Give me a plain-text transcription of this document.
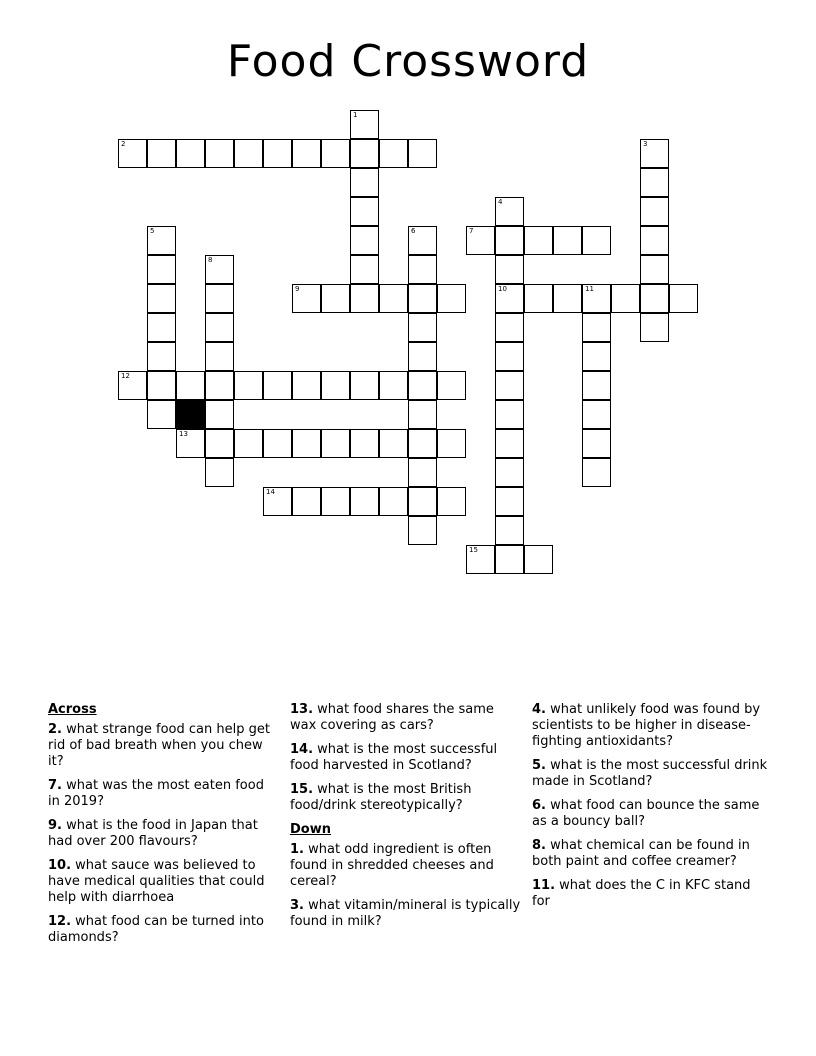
Food Crossword
2
1
3
4
10
5
8
6	7
9	11
12
13
14
15
Across
2. what strange food can help get rid of bad breath when you chew it?
7. what was the most eaten food in 2019?
9. what is the food in Japan that had over 200 flavours?
10. what sauce was believed to have medical qualities that could help with diarrhoea
12. what food can be turned into diamonds?
13. what food shares the same wax covering as cars?
14. what is the most successful food harvested in Scotland?
15. what is the most British food/drink stereotypically?
Down
1. what odd ingredient is often found in shredded cheeses and cereal?
3. what vitamin/mineral is typically found in milk?
4. what unlikely food was found by scientists to be higher in disease-fighting antioxidants?
5. what is the most successful drink made in Scotland?
6. what food can bounce the same as a bouncy ball?
8. what chemical can be found in both paint and coffee creamer?
11. what does the C in KFC stand for
